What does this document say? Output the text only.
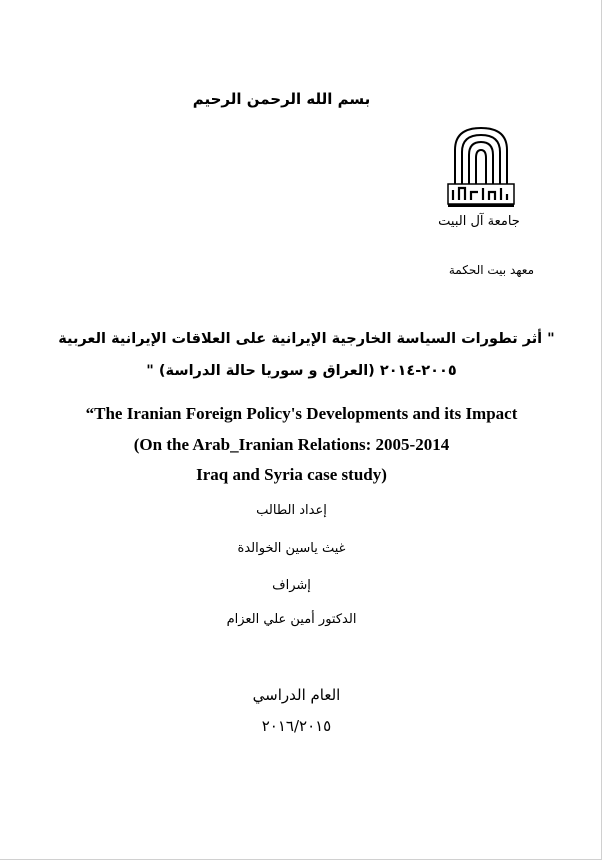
بسم الله الرحمن الرحيم
جامعة آل البيت
معهد بيت الحكمة
" أثر تطورات السياسة الخارجية الإيرانية على العلاقات الإيرانية العربية
٢٠٠٥-٢٠١٤ (العراق و سوريا حالة الدراسة) "
“The Iranian Foreign Policy's Developments and its Impact
(On the Arab_Iranian Relations: 2005-2014
Iraq and Syria case study)
إعداد الطالب
غيث ياسين الخوالدة
إشراف
الدكتور أمين علي العزام
العام الدراسي
٢٠١٦/٢٠١٥
